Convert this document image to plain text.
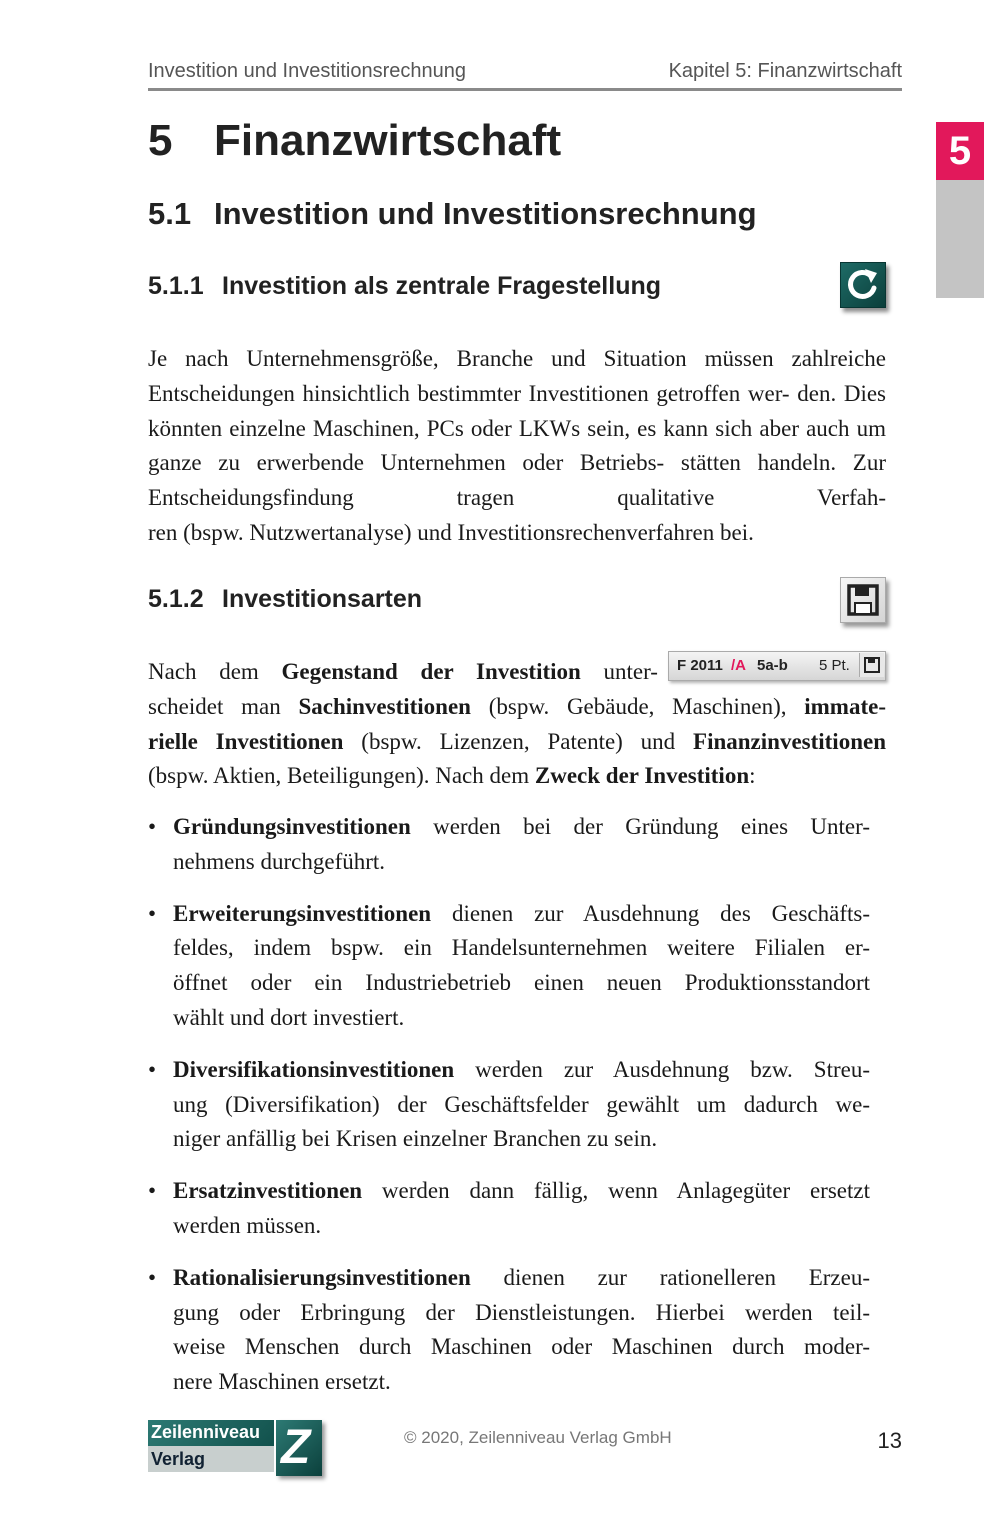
Investition und Investitionsrechnung	Kapitel 5: Finanzwirtschaft
5
5 Finanzwirtschaft
5.1 Investition und Investitionsrechnung
5.1.1 Investition als zentrale Fragestellung
Je nach Unternehmensgröße, Branche und Situation müssen zahlreiche Entscheidungen hinsichtlich bestimmter Investitionen getroffen wer- den. Dies könnten einzelne Maschinen, PCs oder LKWs sein, es kann sich aber auch um ganze zu erwerbende Unternehmen oder Betriebs- stätten handeln. Zur Entscheidungsfindung tragen qualitative Verfah- ren (bspw. Nutzwertanalyse) und Investitionsrechenverfahren bei.
5.1.2 Investitionsarten
F 2011 /A 5a-b 5 Pt.
Nach dem Gegenstand der Investition unter-
scheidet man Sachinvestitionen (bspw. Gebäude, Maschinen), immate-
rielle Investitionen (bspw. Lizenzen, Patente) und Finanzinvestitionen
(bspw. Aktien, Beteiligungen). Nach dem Zweck der Investition:
• Gründungsinvestitionen werden bei der Gründung eines Unter-
nehmens durchgeführt.
• Erweiterungsinvestitionen dienen zur Ausdehnung des Geschäfts-
feldes, indem bspw. ein Handelsunternehmen weitere Filialen er-
öffnet oder ein Industriebetrieb einen neuen Produktionsstandort
wählt und dort investiert.
• Diversifikationsinvestitionen werden zur Ausdehnung bzw. Streu-
ung (Diversifikation) der Geschäftsfelder gewählt um dadurch we-
niger anfällig bei Krisen einzelner Branchen zu sein.
• Ersatzinvestitionen werden dann fällig, wenn Anlagegüter ersetzt
werden müssen.
• Rationalisierungsinvestitionen dienen zur rationelleren Erzeu-
gung oder Erbringung der Dienstleistungen. Hierbei werden teil-
weise Menschen durch Maschinen oder Maschinen durch moder-
nere Maschinen ersetzt.
Zeilenniveau
Verlag Z	© 2020, Zeilenniveau Verlag GmbH	13
